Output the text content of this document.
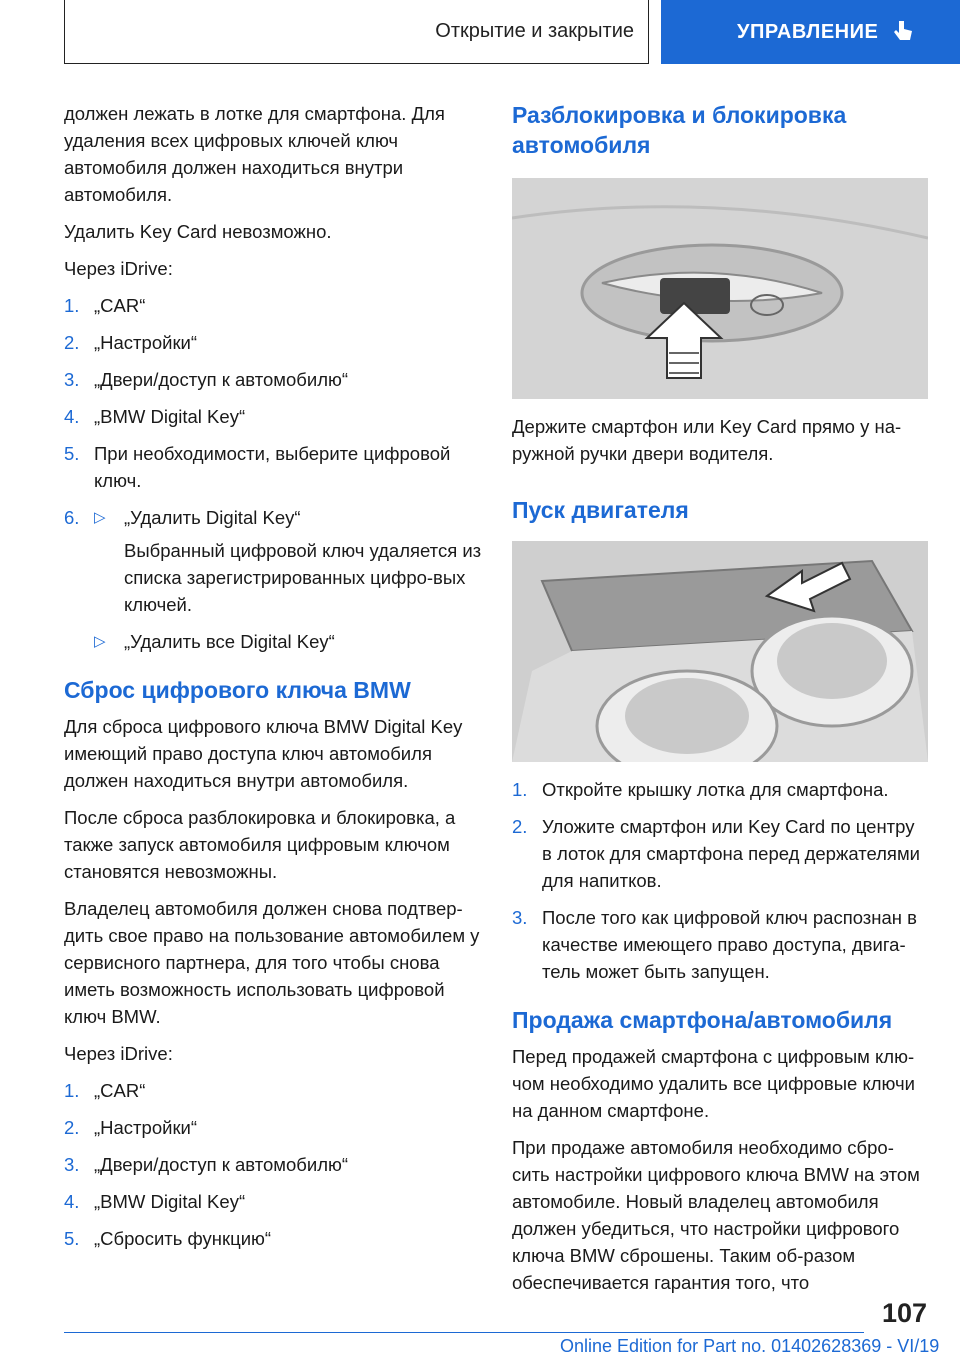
Открытие и закрытие	УПРАВЛЕНИЕ

должен лежать в лотке для смартфона. Для удаления всех цифровых ключей ключ автомобиля должен находиться внутри автомобиля.

Удалить Key Card невозможно.

Через iDrive:

1. „CAR“
2. „Настройки“
3. „Двери/доступ к автомобилю“
4. „BMW Digital Key“
5. При необходимости, выберите цифровой ключ.
6. ▷ „Удалить Digital Key“

Выбранный цифровой ключ удаляется из списка зарегистрированных цифро-вых ключей.

▷ „Удалить все Digital Key“
Сброс цифрового ключа BMW

Для сброса цифрового ключа BMW Digital Key имеющий право доступа ключ автомобиля должен находиться внутри автомобиля.

После сброса разблокировка и блокировка, а также запуск автомобиля цифровым ключом становятся невозможны.

Владелец автомобиля должен снова подтвер-дить свое право на пользование автомобилем у сервисного партнера, для того чтобы снова иметь возможность использовать цифровой ключ BMW.

Через iDrive:

1. „CAR“
2. „Настройки“
3. „Двери/доступ к автомобилю“
4. „BMW Digital Key“
5. „Сбросить функцию“
Разблокировка и блокировка автомобиля

Держите смартфон или Key Card прямо у на-ружной ручки двери водителя.

Пуск двигателя
1. Откройте крышку лотка для смартфона.
2. Уложите смартфон или Key Card по центру в лоток для смартфона перед держателями для напитков.
3. После того как цифровой ключ распознан в качестве имеющего право доступа, двига-тель может быть запущен.
Продажа смартфона/автомобиля

Перед продажей смартфона с цифровым клю-чом необходимо удалить все цифровые ключи на данном смартфоне.

При продаже автомобиля необходимо сбро-сить настройки цифрового ключа BMW на этом автомобиле. Новый владелец автомобиля должен убедиться, что настройки цифрового ключа BMW сброшены. Таким об-разом обеспечивается гарантия того, что

107
Online Edition for Part no. 01402628369 - VI/19
